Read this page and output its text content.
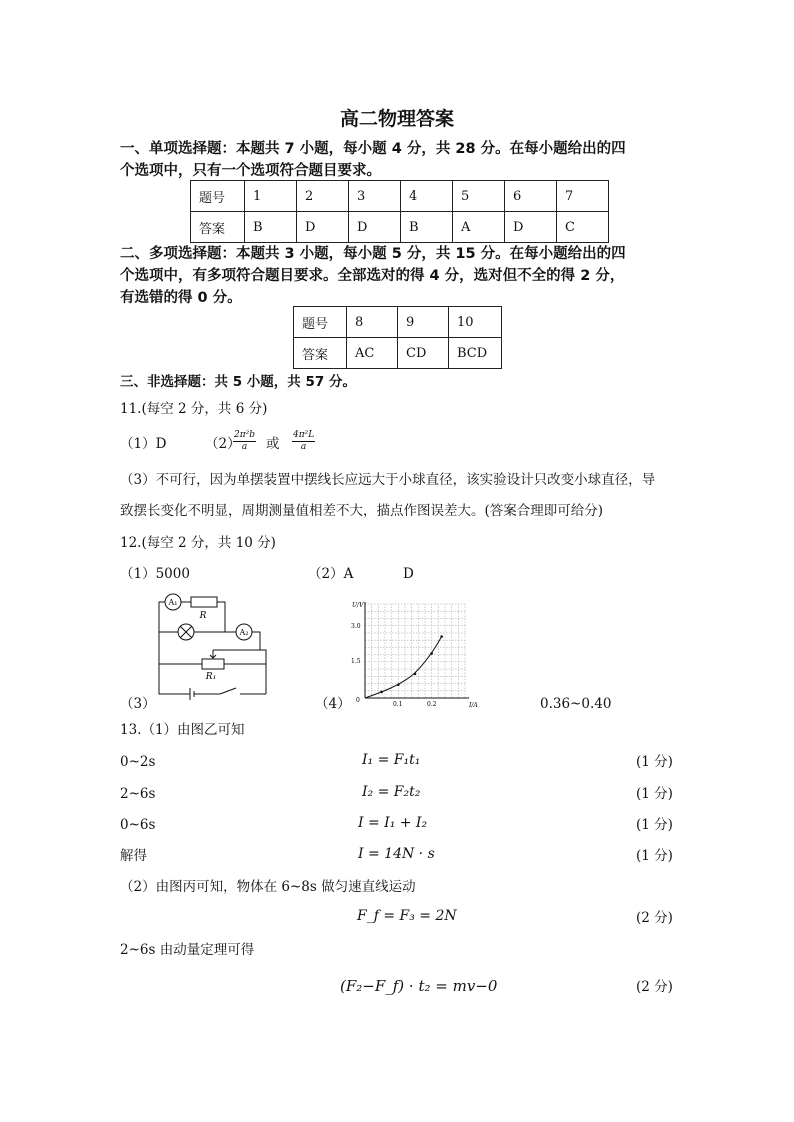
高二物理答案
一、单项选择题：本题共 7 小题，每小题 4 分，共 28 分。在每小题给出的四
个选项中，只有一个选项符合题目要求。
题号	1	2	3	4	5	6	7
答案	B	D	D	B	A	D	C
二、多项选择题：本题共 3 小题，每小题 5 分，共 15 分。在每小题给出的四
个选项中，有多项符合题目要求。全部选对的得 4 分，选对但不全的得 2 分，
有选错的得 0 分。
题号	8	9	10
答案	AC	CD	BCD
三、非选择题：共 5 小题，共 57 分。
11.(每空 2 分，共 6 分)
（1）D	（2）
$\frac{\text{2π²b}}{a}$ 或 $\frac{\text{4π²L}}{a}$
（3）不可行，因为单摆装置中摆线长应远大于小球直径，该实验设计只改变小球直径，导
致摆长变化不明显，周期测量值相差不大，描点作图误差大。(答案合理即可给分)
12.(每空 2 分，共 10 分)
（1）5000	（2）A	D
A₁
R
A₂
R₁
（3）	（4）
U/V
I/A
0
1.5
3.0
0.1	0.2	0.36~0.40
13.（1）由图乙可知
0~2s	I₁ = F₁t₁	(1 分)
2~6s	I₂ = F₂t₂	(1 分)
0~6s	I = I₁ + I₂	(1 分)
解得	I = 14N · s	(1 分)
（2）由图丙可知，物体在 6~8s 做匀速直线运动
F_f = F₃ = 2N	(2 分)
2~6s 由动量定理可得
(F₂−F_f) · t₂ = mv−0	(2 分)
